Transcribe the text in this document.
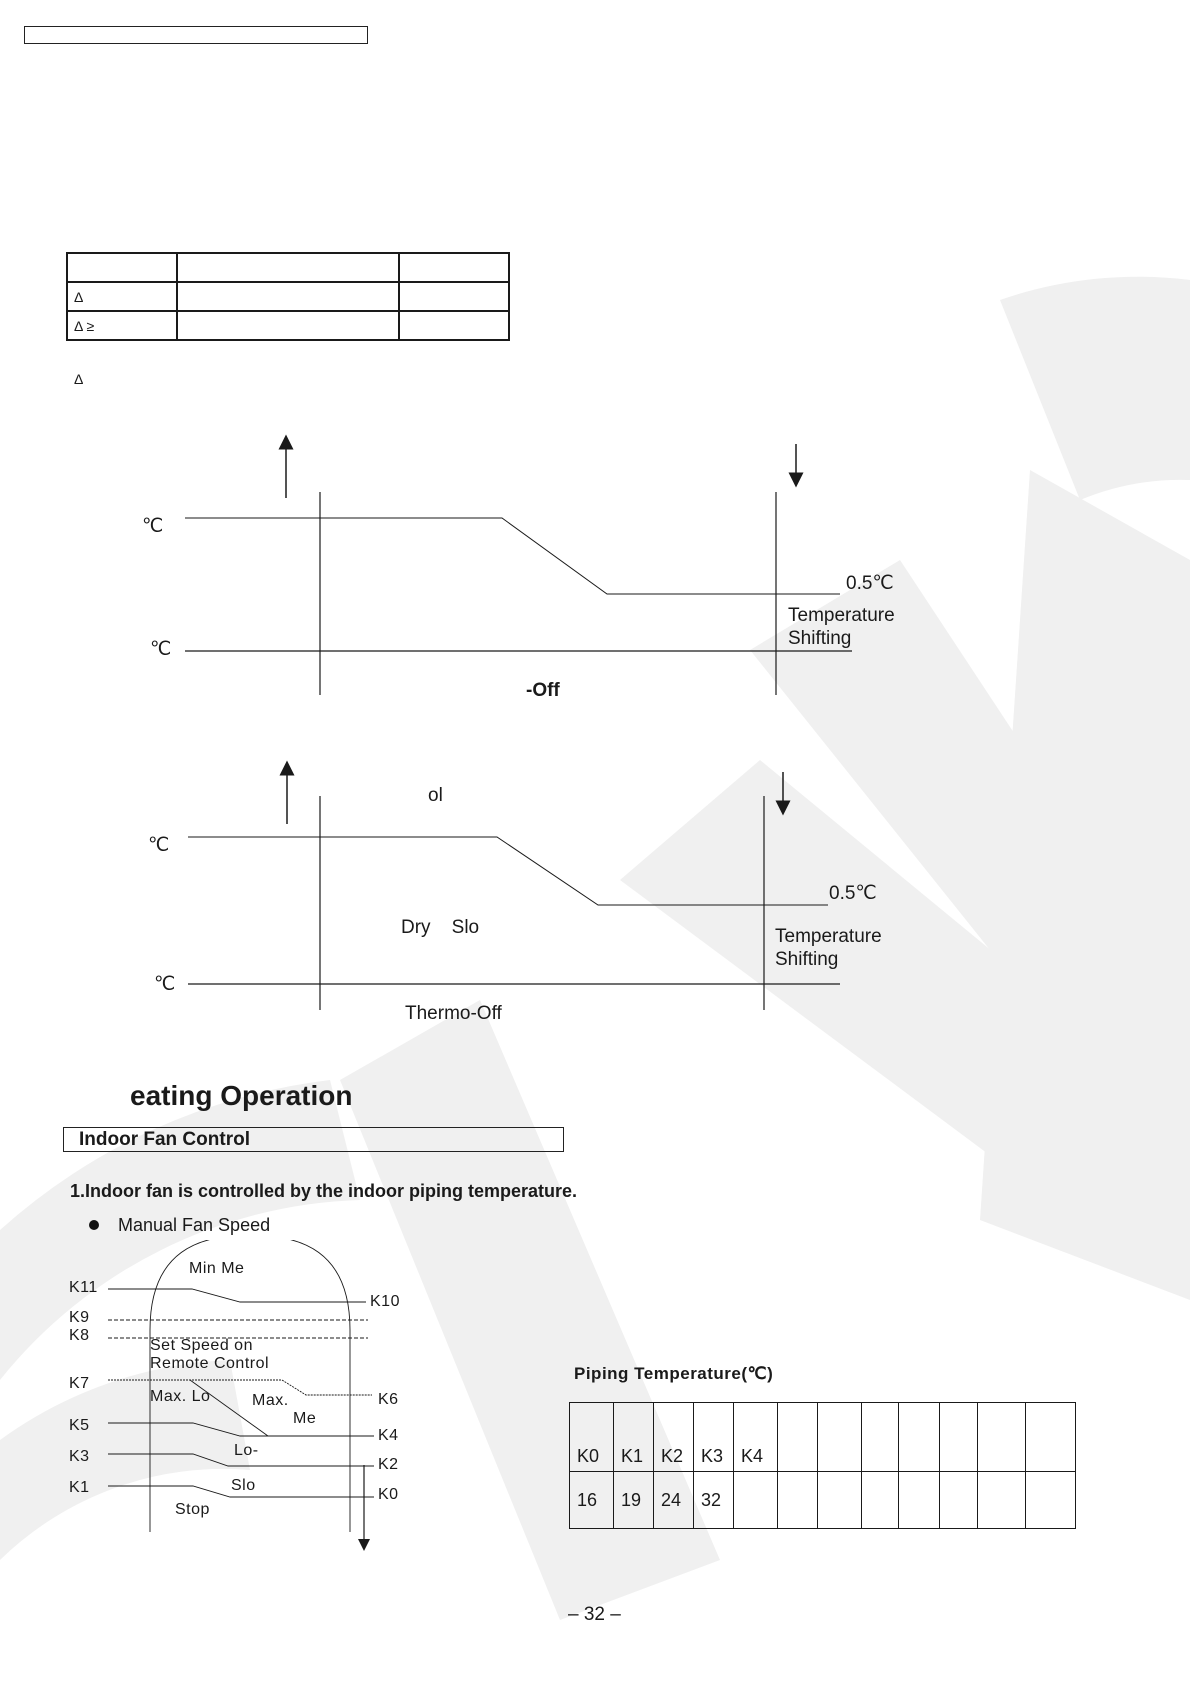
Δ		
Δ ≥		
Δ
℃
℃
0.5℃
Temperature
Shifting
-Off
ol
℃
℃
0.5℃
Temperature
Shifting
Dry    Slo
Thermo-Off
eating Operation
Indoor Fan Control
1.Indoor fan is controlled by the indoor piping temperature.
Manual Fan Speed
K11
K9
K8
K7
K5
K3
K1
K10
K6
K4
K2
K0
Min Me
Set Speed on
Remote Control
Max. Lo	Max.
Me
Lo-
Slo
Stop
Piping Temperature(℃)
K0	K1	K2	K3	K4							
16	19	24	32								
– 32 –
